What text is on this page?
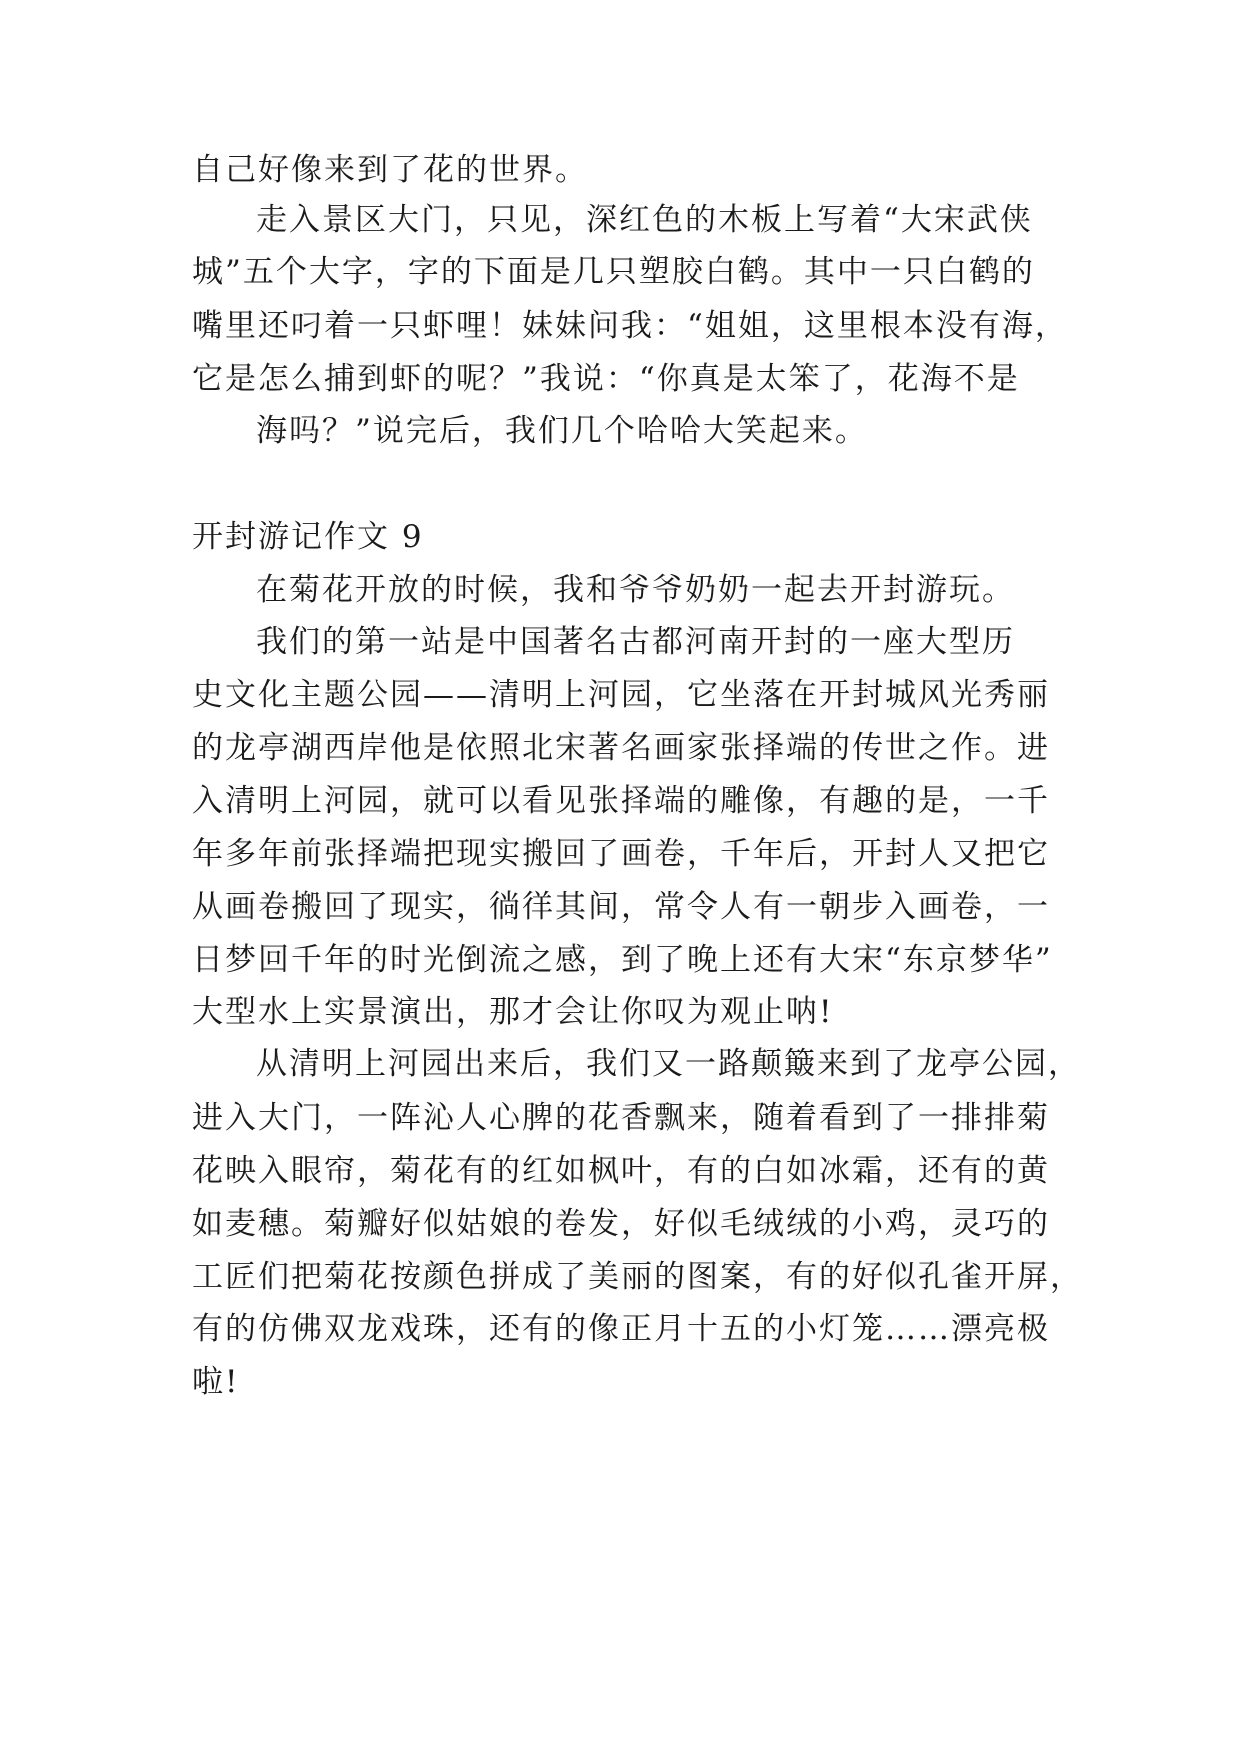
自己好像来到了花的世界。
走入景区大门，只见，深红色的木板上写着“大宋武侠
城”五个大字，字的下面是几只塑胶白鹤。其中一只白鹤的
嘴里还叼着一只虾哩！妹妹问我：“姐姐，这里根本没有海，
它是怎么捕到虾的呢？”我说：“你真是太笨了，花海不是
海吗？”说完后，我们几个哈哈大笑起来。
开封游记作文 9
在菊花开放的时候，我和爷爷奶奶一起去开封游玩。
我们的第一站是中国著名古都河南开封的一座大型历
史文化主题公园——清明上河园，它坐落在开封城风光秀丽
的龙亭湖西岸他是依照北宋著名画家张择端的传世之作。进
入清明上河园，就可以看见张择端的雕像，有趣的是，一千
年多年前张择端把现实搬回了画卷，千年后，开封人又把它
从画卷搬回了现实，徜徉其间，常令人有一朝步入画卷，一
日梦回千年的时光倒流之感，到了晚上还有大宋“东京梦华”
大型水上实景演出，那才会让你叹为观止呐!
从清明上河园出来后，我们又一路颠簸来到了龙亭公园，
进入大门，一阵沁人心脾的花香飘来，随着看到了一排排菊
花映入眼帘，菊花有的红如枫叶，有的白如冰霜，还有的黄
如麦穗。菊瓣好似姑娘的卷发，好似毛绒绒的小鸡，灵巧的
工匠们把菊花按颜色拼成了美丽的图案，有的好似孔雀开屏，
有的仿佛双龙戏珠，还有的像正月十五的小灯笼……漂亮极
啦!
